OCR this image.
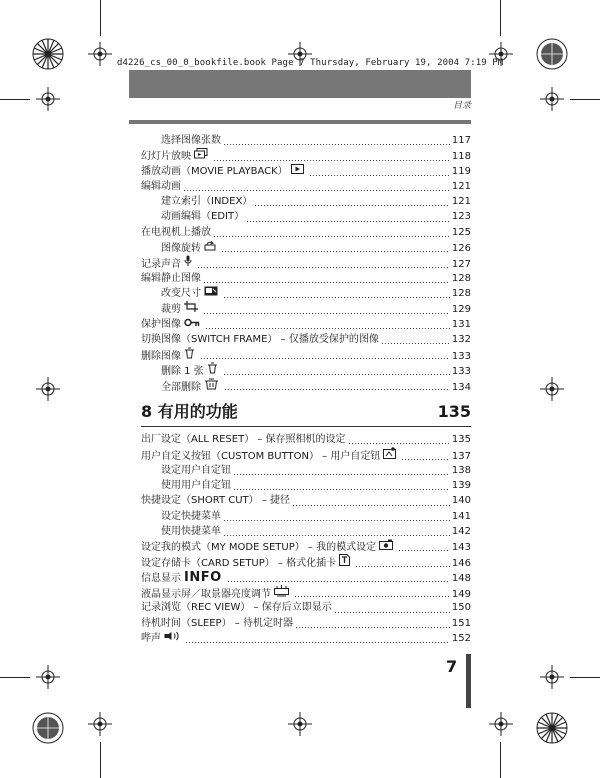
d4226_cs_00_0_bookfile.book Page 7 Thursday, February 19, 2004 7:19 PM
目录
选择图像张数	117
幻灯片放映	118
播放动画（MOVIE PLAYBACK）	119
编辑动画	121
建立索引（INDEX）	121
动画编辑（EDIT）	123
在电视机上播放	125
图像旋转	126
记录声音	127
编辑静止图像	128
改变尺寸	128
裁剪	129
保护图像	131
切换图像（SWITCH FRAME） – 仅播放受保护的图像	132
删除图像	133
删除 1 张	133
全部删除	134
8 有用的功能	135
出厂设定（ALL RESET） – 保存照相机的设定	135
用户自定义按钮（CUSTOM BUTTON） – 用户自定钮	137
设定用户自定钮	138
使用用户自定钮	139
快捷设定（SHORT CUT） – 捷径	140
设定快捷菜单	141
使用快捷菜单	142
设定我的模式（MY MODE SETUP） – 我的模式设定	143
设定存储卡（CARD SETUP） – 格式化插卡	146
信息显示 INFO	148
液晶显示屏／取景器亮度调节	149
记录浏览（REC VIEW） – 保存后立即显示	150
待机时间（SLEEP） – 待机定时器	151
哔声	152
7
